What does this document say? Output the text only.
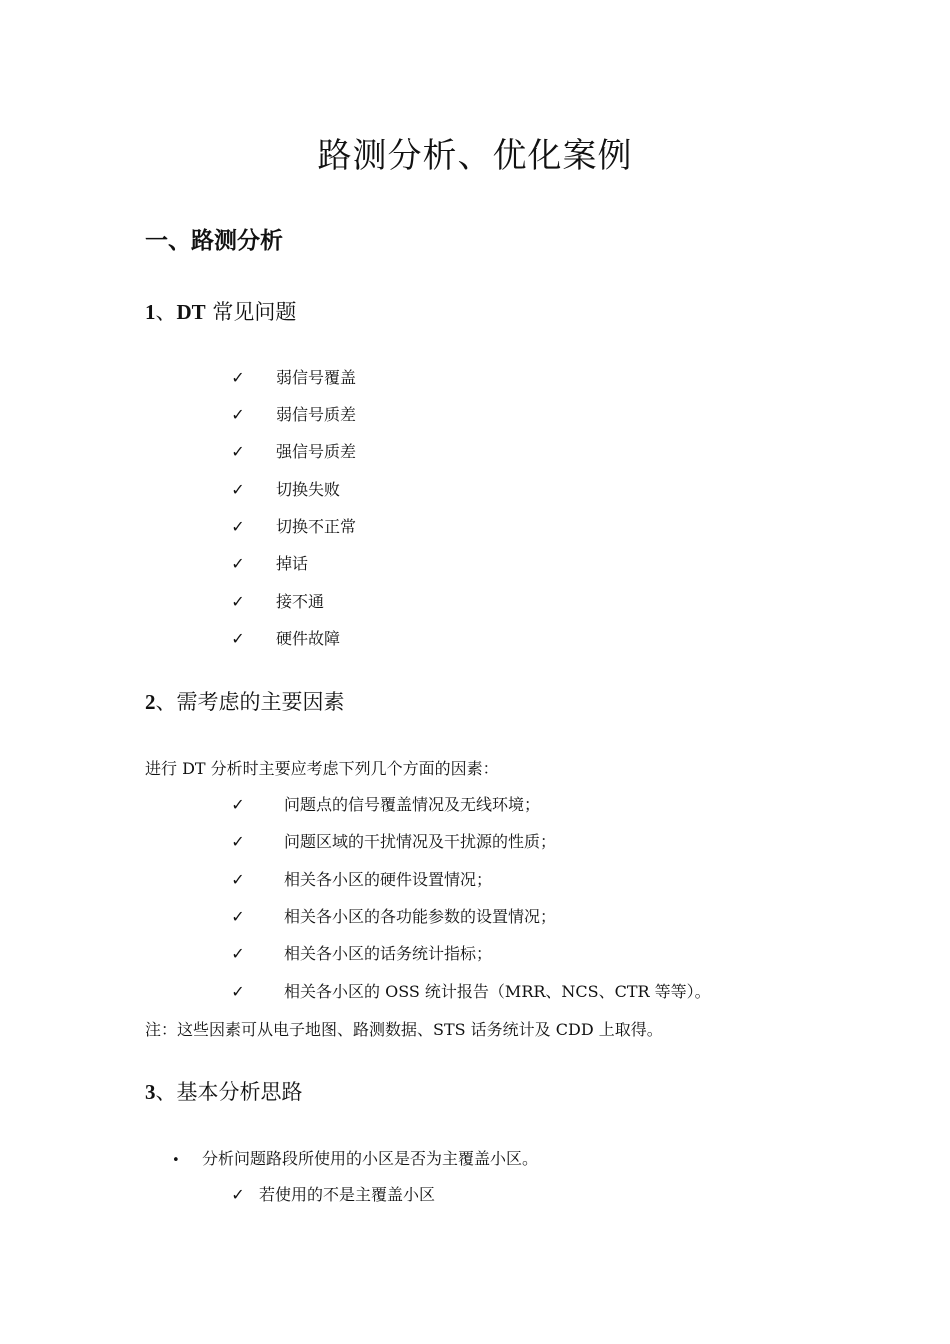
路测分析、优化案例
一、路测分析
1、DT 常见问题
✓ 弱信号覆盖
✓ 弱信号质差
✓ 强信号质差
✓ 切换失败
✓ 切换不正常
✓ 掉话
✓ 接不通
✓ 硬件故障
2、需考虑的主要因素
进行 DT 分析时主要应考虑下列几个方面的因素：
✓ 问题点的信号覆盖情况及无线环境；
✓ 问题区域的干扰情况及干扰源的性质；
✓ 相关各小区的硬件设置情况；
✓ 相关各小区的各功能参数的设置情况；
✓ 相关各小区的话务统计指标；
✓ 相关各小区的 OSS 统计报告（MRR、NCS、CTR 等等）。
注：这些因素可从电子地图、路测数据、STS 话务统计及 CDD 上取得。
3、基本分析思路
• 分析问题路段所使用的小区是否为主覆盖小区。
✓ 若使用的不是主覆盖小区
